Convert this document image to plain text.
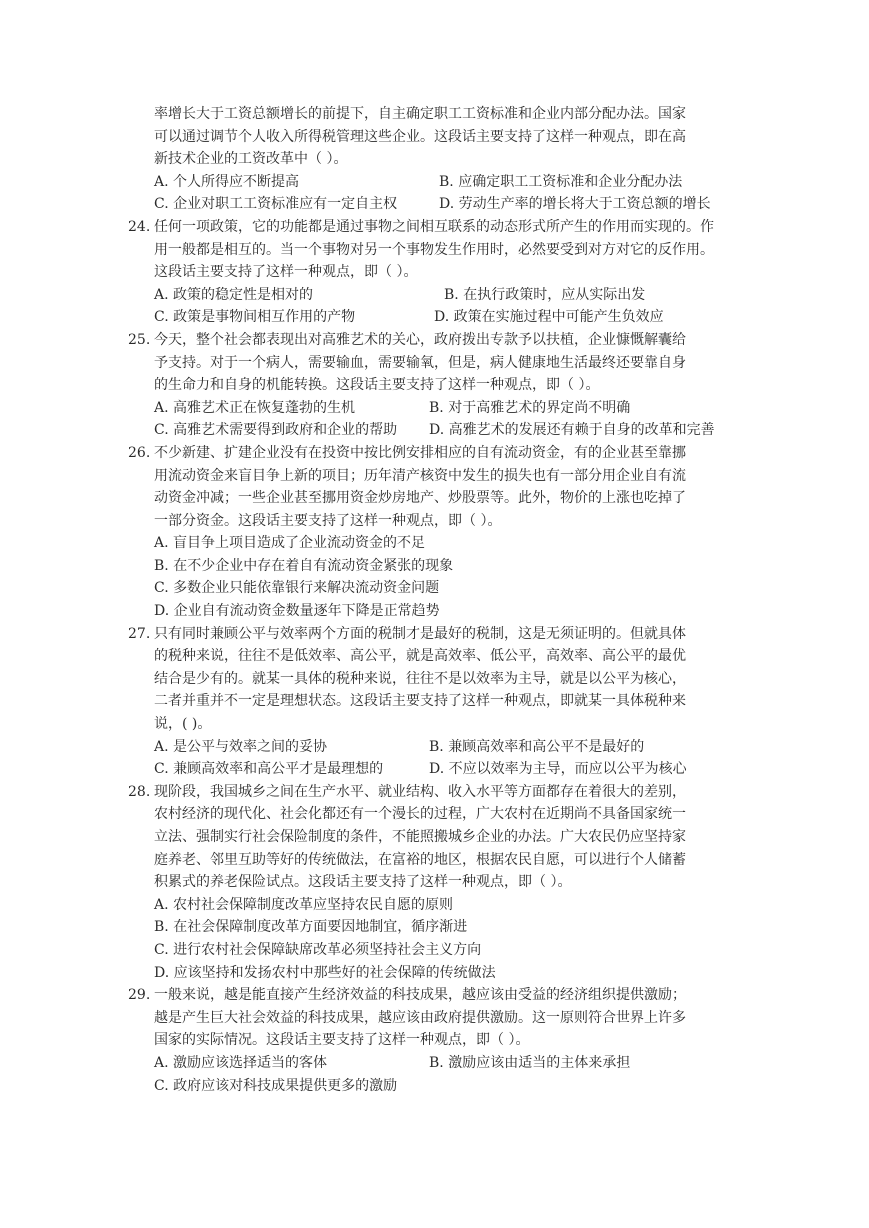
率增长大于工资总额增长的前提下，自主确定职工工资标准和企业内部分配办法。国家
可以通过调节个人收入所得税管理这些企业。这段话主要支持了这样一种观点，即在高
新技术企业的工资改革中（ ）。
A. 个人所得应不断提高	B. 应确定职工工资标准和企业分配办法
C. 企业对职工工资标准应有一定自主权	D. 劳动生产率的增长将大于工资总额的增长
24. 任何一项政策，它的功能都是通过事物之间相互联系的动态形式所产生的作用而实现的。作
用一般都是相互的。当一个事物对另一个事物发生作用时，必然要受到对方对它的反作用。
这段话主要支持了这样一种观点，即（ ）。
A. 政策的稳定性是相对的	B. 在执行政策时，应从实际出发
C. 政策是事物间相互作用的产物	D. 政策在实施过程中可能产生负效应
25. 今天，整个社会都表现出对高雅艺术的关心，政府拨出专款予以扶植，企业慷慨解囊给
予支持。对于一个病人，需要输血，需要输氧，但是，病人健康地生活最终还要靠自身
的生命力和自身的机能转换。这段话主要支持了这样一种观点，即（ ）。
A. 高雅艺术正在恢复蓬勃的生机	B. 对于高雅艺术的界定尚不明确
C. 高雅艺术需要得到政府和企业的帮助 D. 高雅艺术的发展还有赖于自身的改革和完善
26. 不少新建、扩建企业没有在投资中按比例安排相应的自有流动资金，有的企业甚至靠挪
用流动资金来盲目争上新的项目；历年清产核资中发生的损失也有一部分用企业自有流
动资金冲减；一些企业甚至挪用资金炒房地产、炒股票等。此外，物价的上涨也吃掉了
一部分资金。这段话主要支持了这样一种观点，即（ ）。
A. 盲目争上项目造成了企业流动资金的不足
B. 在不少企业中存在着自有流动资金紧张的现象
C. 多数企业只能依靠银行来解决流动资金问题
D. 企业自有流动资金数量逐年下降是正常趋势
27. 只有同时兼顾公平与效率两个方面的税制才是最好的税制，这是无须证明的。但就具体
的税种来说，往往不是低效率、高公平，就是高效率、低公平，高效率、高公平的最优
结合是少有的。就某一具体的税种来说，往往不是以效率为主导，就是以公平为核心，
二者并重并不一定是理想状态。这段话主要支持了这样一种观点，即就某一具体税种来
说，( )。
A. 是公平与效率之间的妥协	B. 兼顾高效率和高公平不是最好的
C. 兼顾高效率和高公平才是最理想的	D. 不应以效率为主导，而应以公平为核心
28. 现阶段，我国城乡之间在生产水平、就业结构、收入水平等方面都存在着很大的差别，
农村经济的现代化、社会化都还有一个漫长的过程，广大农村在近期尚不具备国家统一
立法、强制实行社会保险制度的条件，不能照搬城乡企业的办法。广大农民仍应坚持家
庭养老、邻里互助等好的传统做法，在富裕的地区，根据农民自愿，可以进行个人储蓄
积累式的养老保险试点。这段话主要支持了这样一种观点，即（ ）。
A. 农村社会保障制度改革应坚持农民自愿的原则
B. 在社会保障制度改革方面要因地制宜，循序渐进
C. 进行农村社会保障缺席改革必须坚持社会主义方向
D. 应该坚持和发扬农村中那些好的社会保障的传统做法
29. 一般来说，越是能直接产生经济效益的科技成果，越应该由受益的经济组织提供激励；
越是产生巨大社会效益的科技成果，越应该由政府提供激励。这一原则符合世界上许多
国家的实际情况。这段话主要支持了这样一种观点，即（ ）。
A. 激励应该选择适当的客体	B. 激励应该由适当的主体来承担
C. 政府应该对科技成果提供更多的激励
